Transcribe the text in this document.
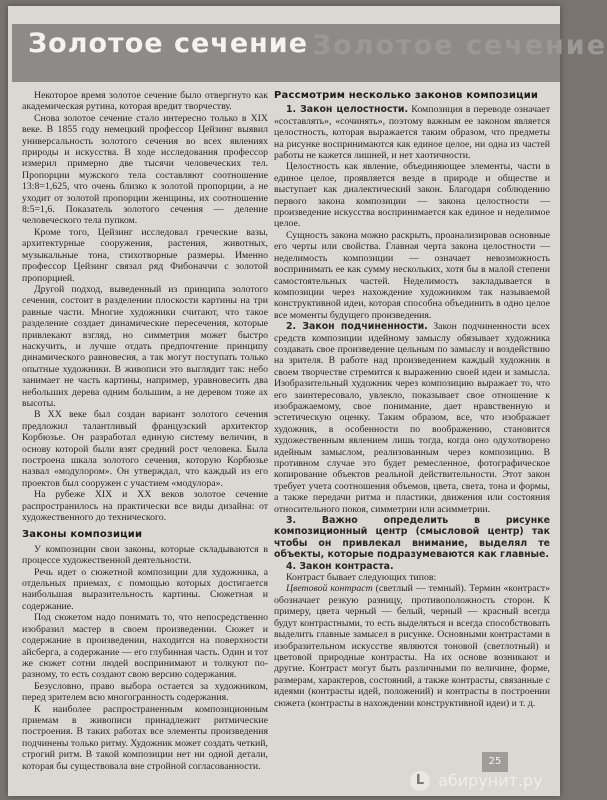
Золотое сечение Золотое сечение

Некоторое время золотое сечение было отвергнуто как академическая рутина, которая вредит творчеству.

Снова золотое сечение стало интересно только в XIX веке. В 1855 году немецкий профессор Цейзинг выявил универсальность золотого сечения во всех явлениях природы и искусства. В ходе исследования профессор измерил примерно две тысячи человеческих тел. Пропорции мужского тела составляют соотношение 13:8=1,625, что очень близко к золотой пропорции, а не уходит от золотой пропорции женщины, их соотношение 8:5=1,6. Показатель золотого сечения — деление человеческого тела пупком.

Кроме того, Цейзинг исследовал греческие вазы, архитектурные сооружения, растения, животных, музыкальные тона, стихотворные размеры. Именно профессор Цейзинг связал ряд Фибоначчи с золотой пропорцией.

Другой подход, выведенный из принципа золотого сечения, состоит в разделении плоскости картины на три равные части. Многие художники считают, что такое разделение создает динамические пересечения, которые привлекают взгляд, но симметрия может быстро наскучить, и лучше отдать предпочтение принципу динамического равновесия, а так могут поступать только опытные художники. В живописи это выглядит так: небо занимает не часть картины, например, уравновесить два небольших дерева одним большим, а не деревом тоже ах высоты.

В XX веке был создан вариант золотого сечения предложил талантливый французский архитектор Корбюзье. Он разработал единую систему величин, в основу которой были взят средний рост человека. Была построена шкала золотого сечения, которую Корбюзье назвал «модулором». Он утверждал, что каждый из его проектов был сооружен с участием «модулора».

На рубеже XIX и XX веков золотое сечение распространилось на практически все виды дизайна: от художественного до технического.

Законы композиции

У композиции свои законы, которые складываются в процессе художественной деятельности.

Речь идет о сюжетной композиции для художника, а отдельных приемах, с помощью которых достигается наибольшая выразительность картины. Сюжетная и содержание.

Под сюжетом надо понимать то, что непосредственно изобразил мастер в своем произведении. Сюжет и содержание в произведении, находится на поверхности айсберга, а содержание — его глубинная часть. Один и тот же сюжет сотни людей воспринимают и толкуют по-разному, то есть создают свою версию содержания.

Безусловно, право выбора остается за художником, перед зрителем всю многогранность содержания.

К наиболее распространенным композиционным приемам в живописи принадлежит ритмические построения. В таких работах все элементы произведения подчинены только ритму. Художник может создать четкий, строгий ритм. В такой композиции нет ни одной детали, которая бы существовала вне стройной согласованности.

Рассмотрим несколько законов композиции

1. Закон целостности. Композиция в переводе означает «составлять», «сочинять», поэтому важным ее законом является целостность, которая выражается таким образом, что предметы на рисунке воспринимаются как единое целое, ни одна из частей работы не кажется лишней, и нет хаотичности.

Целостность как явление, объединяющее элементы, части в единое целое, проявляется везде в природе и обществе и выступает как диалектический закон. Благодаря соблюдению первого закона композиции — закона целостности — произведение искусства воспринимается как единое и неделимое целое.

Сущность закона можно раскрыть, проанализировав основные его черты или свойства. Главная черта закона целостности — неделимость композиции — означает невозможность воспринимать ее как сумму нескольких, хотя бы в малой степени самостоятельных частей. Неделимость закладывается в композиции через нахождение художником так называемой конструктивной идеи, которая способна объединить в одно целое все моменты будущего произведения.

2. Закон подчиненности. Закон подчиненности всех средств композиции идейному замыслу обязывает художника создавать свое произведение цельным по замыслу и воздействию на зрителя. В работе над произведением каждый художник в своем творчестве стремится к выражению своей идеи и замысла. Изобразительный художник через композицию выражает то, что его заинтересовало, увлекло, показывает свое отношение к изображаемому, свое понимание, дает нравственную и эстетическую оценку. Таким образом, все, что изображает художник, в особенности по воображению, становится художественным явлением лишь тогда, когда оно одухотворено идейным замыслом, реализованным через композицию. В противном случае это будет ремесленное, фотографическое копирование объектов реальной действительности. Этот закон требует учета соотношения объемов, цвета, света, тона и формы, а также передачи ритма и пластики, движения или состояния относительного покоя, симметрии или асимметрии.

3. Важно определить в рисунке композиционный центр (смысловой центр) так чтобы он привлекал внимание, выделял те объекты, которые подразумеваются как главные.

4. Закон контраста.

Контраст бывает следующих типов:

Цветовой контраст (светлый — темный). Термин «контраст» обозначает резкую разницу, противоположность сторон. К примеру, цвета черный — белый, черный — красный всегда будут контрастными, то есть выделяться и всегда способствовать выделить главные замысел в рисунке. Основными контрастами в изобразительном искусстве являются тоновой (светлотный) и цветовой природные контрасты. На их основе возникают и другие. Контраст могут быть различными по величине, форме, размерам, характеров, состояний, а также контрасты, связанные с идеями (контрасты идей, положений) и контрасты в построении сюжета (контрасты в нахождении конструктивной идеи) и т. д.

25
L абирунит.ру
